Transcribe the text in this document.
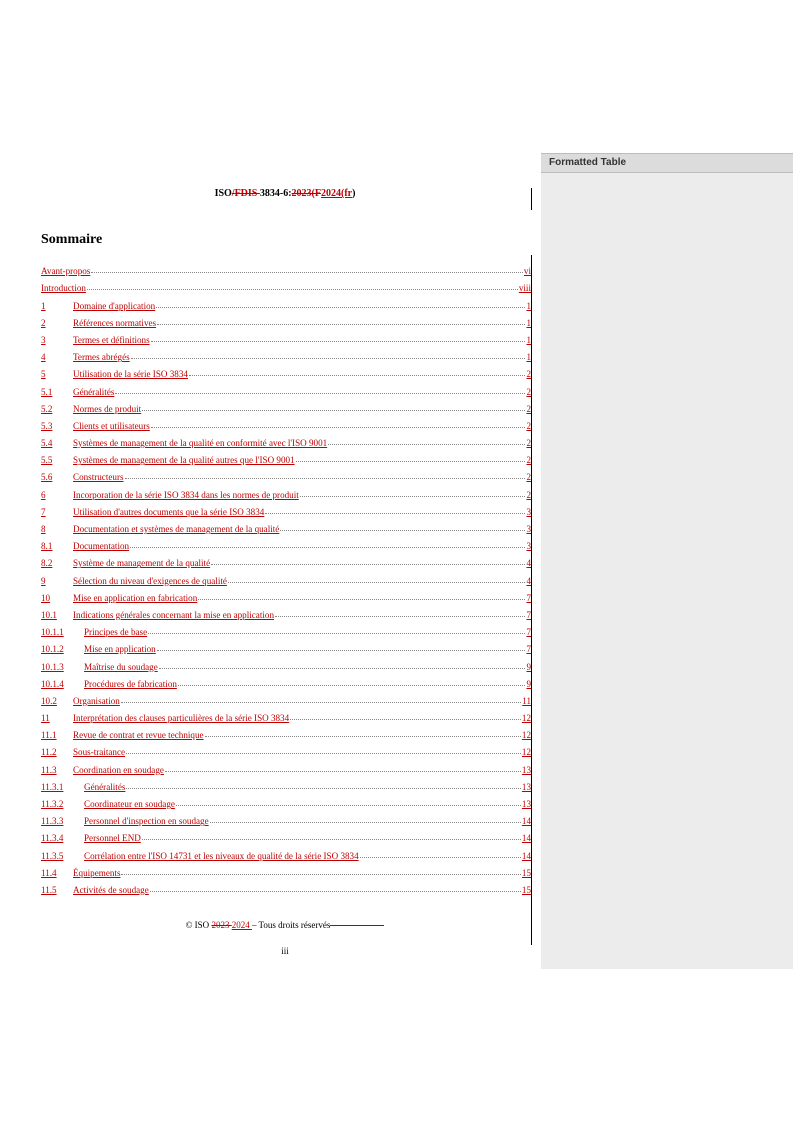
Formatted Table
ISO/FDIS 3834-6:2023(F2024(fr)
Sommaire
Avant-propos	vi
Introduction	viii
1	Domaine d'application	1
2	Références normatives	1
3	Termes et définitions	1
4	Termes abrégés	1
5	Utilisation de la série ISO 3834	2
5.1	Généralités	2
5.2	Normes de produit	2
5.3	Clients et utilisateurs	2
5.4	Systèmes de management de la qualité en conformité avec l'ISO 9001	2
5.5	Systèmes de management de la qualité autres que l'ISO 9001	2
5.6	Constructeurs	2
6	Incorporation de la série ISO 3834 dans les normes de produit	2
7	Utilisation d'autres documents que la série ISO 3834	3
8	Documentation et systèmes de management de la qualité	3
8.1	Documentation	3
8.2	Système de management de la qualité	4
9	Sélection du niveau d'exigences de qualité	4
10	Mise en application en fabrication	7
10.1	Indications générales concernant la mise en application	7
10.1.1	Principes de base	7
10.1.2	Mise en application	7
10.1.3	Maîtrise du soudage	9
10.1.4	Procédures de fabrication	9
10.2	Organisation	11
11	Interprétation des clauses particulières de la série ISO 3834	12
11.1	Revue de contrat et revue technique	12
11.2	Sous-traitance	12
11.3	Coordination en soudage	13
11.3.1	Généralités	13
11.3.2	Coordinateur en soudage	13
11.3.3	Personnel d'inspection en soudage	14
11.3.4	Personnel END	14
11.3.5	Corrélation entre l'ISO 14731 et les niveaux de qualité de la série ISO 3834	14
11.4	Équipements	15
11.5	Activités de soudage	15
© ISO 2023 2024 – Tous droits réservés
iii
